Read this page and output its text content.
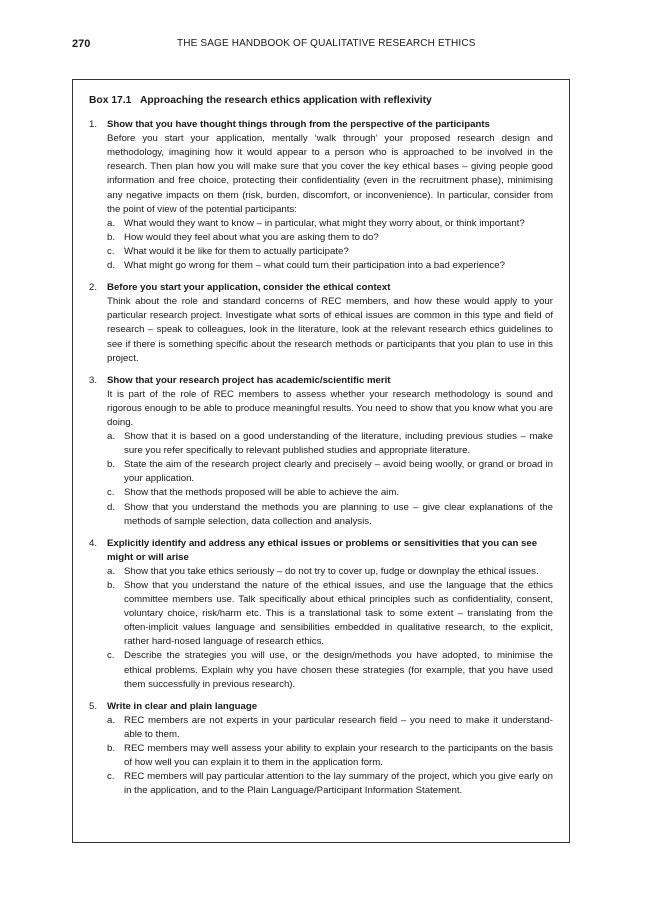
270	THE SAGE HANDBOOK OF QUALITATIVE RESEARCH ETHICS
Box 17.1 Approaching the research ethics application with reflexivity
1. Show that you have thought things through from the perspective of the participants
Before you start your application, mentally ‘walk through’ your proposed research design and methodology, imagining how it would appear to a person who is approached to be involved in the research. Then plan how you will make sure that you cover the key ethical bases – giving people good information and free choice, protecting their confidentiality (even in the recruitment phase), minimising any negative impacts on them (risk, burden, discomfort, or inconvenience). In particular, consider from the point of view of the potential participants:
a. What would they want to know – in particular, what might they worry about, or think important?
b. How would they feel about what you are asking them to do?
c. What would it be like for them to actually participate?
d. What might go wrong for them – what could turn their participation into a bad experience?
2. Before you start your application, consider the ethical context
Think about the role and standard concerns of REC members, and how these would apply to your particular research project. Investigate what sorts of ethical issues are common in this type and field of research – speak to colleagues, look in the literature, look at the relevant research ethics guidelines to see if there is something specific about the research methods or participants that you plan to use in this project.
3. Show that your research project has academic/scientific merit
It is part of the role of REC members to assess whether your research methodology is sound and rigorous enough to be able to produce meaningful results. You need to show that you know what you are doing.
a. Show that it is based on a good understanding of the literature, including previous studies – make sure you refer specifically to relevant published studies and appropriate literature.
b. State the aim of the research project clearly and precisely – avoid being woolly, or grand or broad in your application.
c. Show that the methods proposed will be able to achieve the aim.
d. Show that you understand the methods you are planning to use – give clear explanations of the methods of sample selection, data collection and analysis.
4. Explicitly identify and address any ethical issues or problems or sensitivities that you can see might or will arise
a. Show that you take ethics seriously – do not try to cover up, fudge or downplay the ethical issues.
b. Show that you understand the nature of the ethical issues, and use the language that the ethics committee members use. Talk specifically about ethical principles such as confidentiality, consent, voluntary choice, risk/harm etc. This is a translational task to some extent – translating from the often-implicit values language and sensibilities embedded in qualitative research, to the explicit, rather hard-nosed language of research ethics.
c. Describe the strategies you will use, or the design/methods you have adopted, to minimise the ethical problems. Explain why you have chosen these strategies (for example, that you have used them successfully in previous research).
5. Write in clear and plain language
a. REC members are not experts in your particular research field – you need to make it understand-able to them.
b. REC members may well assess your ability to explain your research to the participants on the basis of how well you can explain it to them in the application form.
c. REC members will pay particular attention to the lay summary of the project, which you give early on in the application, and to the Plain Language/Participant Information Statement.
